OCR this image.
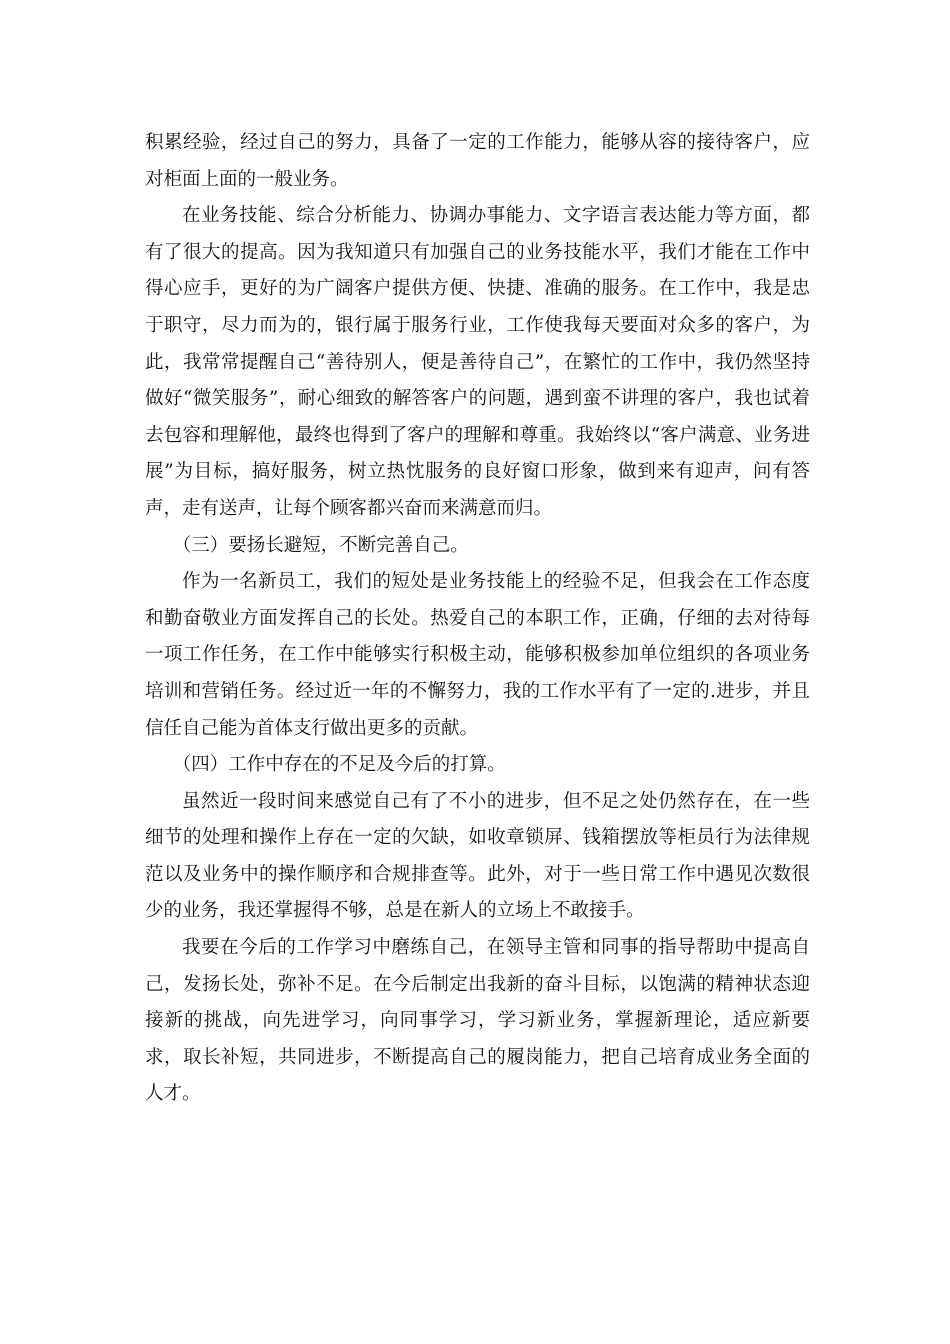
积累经验，经过自己的努力，具备了一定的工作能力，能够从容的接待客户，应对柜面上面的一般业务。

在业务技能、综合分析能力、协调办事能力、文字语言表达能力等方面，都有了很大的提高。因为我知道只有加强自己的业务技能水平，我们才能在工作中得心应手，更好的为广阔客户提供方便、快捷、准确的服务。在工作中，我是忠于职守，尽力而为的，银行属于服务行业，工作使我每天要面对众多的客户，为此，我常常提醒自己“善待别人，便是善待自己”，在繁忙的工作中，我仍然坚持做好“微笑服务”，耐心细致的解答客户的问题，遇到蛮不讲理的客户，我也试着去包容和理解他，最终也得到了客户的理解和尊重。我始终以“客户满意、业务进展”为目标，搞好服务，树立热忱服务的良好窗口形象，做到来有迎声，问有答声，走有送声，让每个顾客都兴奋而来满意而归。

（三）要扬长避短，不断完善自己。

作为一名新员工，我们的短处是业务技能上的经验不足，但我会在工作态度和勤奋敬业方面发挥自己的长处。热爱自己的本职工作，正确，仔细的去对待每一项工作任务，在工作中能够实行积极主动，能够积极参加单位组织的各项业务培训和营销任务。经过近一年的不懈努力，我的工作水平有了一定的.进步，并且信任自己能为首体支行做出更多的贡献。

（四）工作中存在的不足及今后的打算。

虽然近一段时间来感觉自己有了不小的进步，但不足之处仍然存在，在一些细节的处理和操作上存在一定的欠缺，如收章锁屏、钱箱摆放等柜员行为法律规范以及业务中的操作顺序和合规排查等。此外，对于一些日常工作中遇见次数很少的业务，我还掌握得不够，总是在新人的立场上不敢接手。

我要在今后的工作学习中磨练自己，在领导主管和同事的指导帮助中提高自己，发扬长处，弥补不足。在今后制定出我新的奋斗目标，以饱满的精神状态迎接新的挑战，向先进学习，向同事学习，学习新业务，掌握新理论，适应新要求，取长补短，共同进步，不断提高自己的履岗能力，把自己培育成业务全面的人才。
